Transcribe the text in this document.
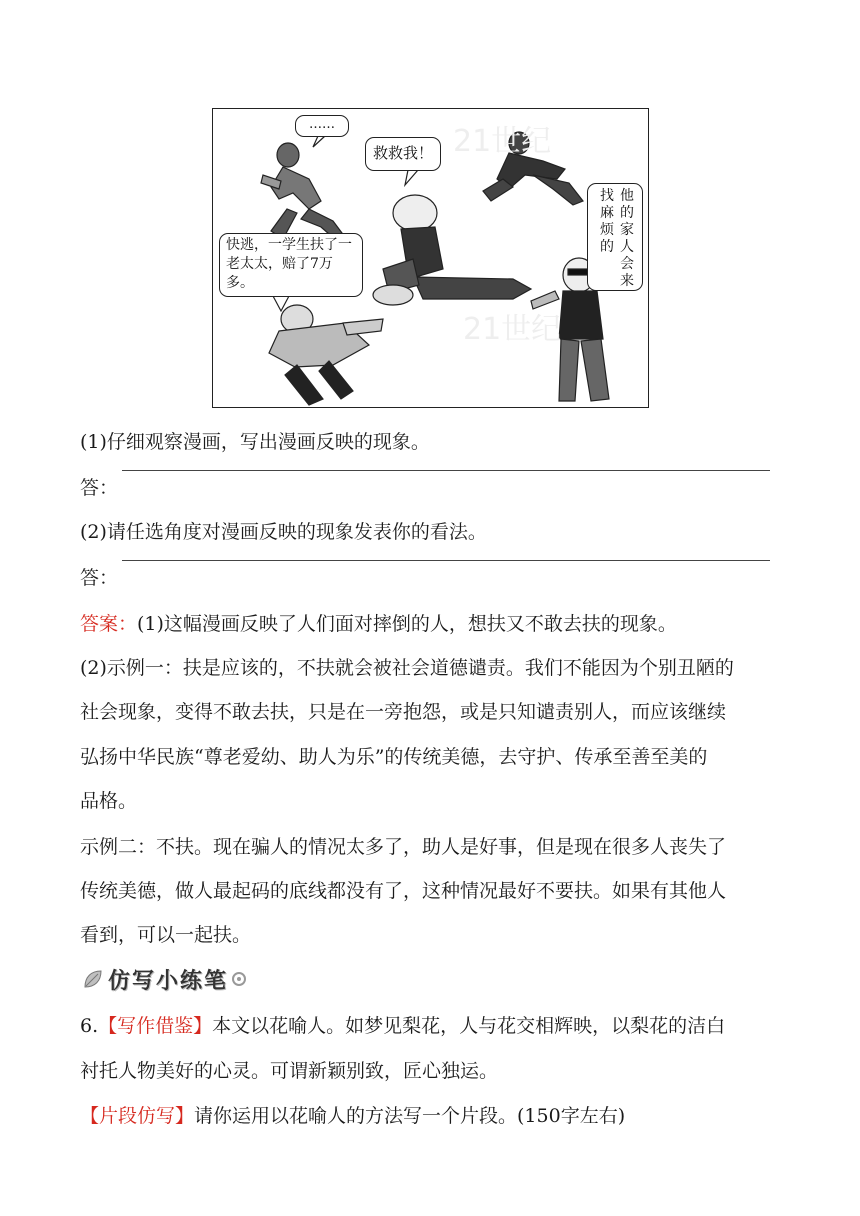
21世纪
21世纪
……
救救我！
快逃，一学生扶了一老太太，赔了7万多。
他
的
家
人
会
来
找
麻
烦
的
(1)仔细观察漫画，写出漫画反映的现象。
答：
(2)请任选角度对漫画反映的现象发表你的看法。
答：
答案：(1)这幅漫画反映了人们面对摔倒的人，想扶又不敢去扶的现象。
(2)示例一：扶是应该的，不扶就会被社会道德谴责。我们不能因为个别丑陋的
社会现象，变得不敢去扶，只是在一旁抱怨，或是只知谴责别人，而应该继续
弘扬中华民族“尊老爱幼、助人为乐”的传统美德，去守护、传承至善至美的
品格。
示例二：不扶。现在骗人的情况太多了，助人是好事，但是现在很多人丧失了
传统美德，做人最起码的底线都没有了，这种情况最好不要扶。如果有其他人
看到，可以一起扶。
仿写小练笔
6.【写作借鉴】本文以花喻人。如梦见梨花，人与花交相辉映，以梨花的洁白
衬托人物美好的心灵。可谓新颖别致，匠心独运。
【片段仿写】请你运用以花喻人的方法写一个片段。(150字左右)
